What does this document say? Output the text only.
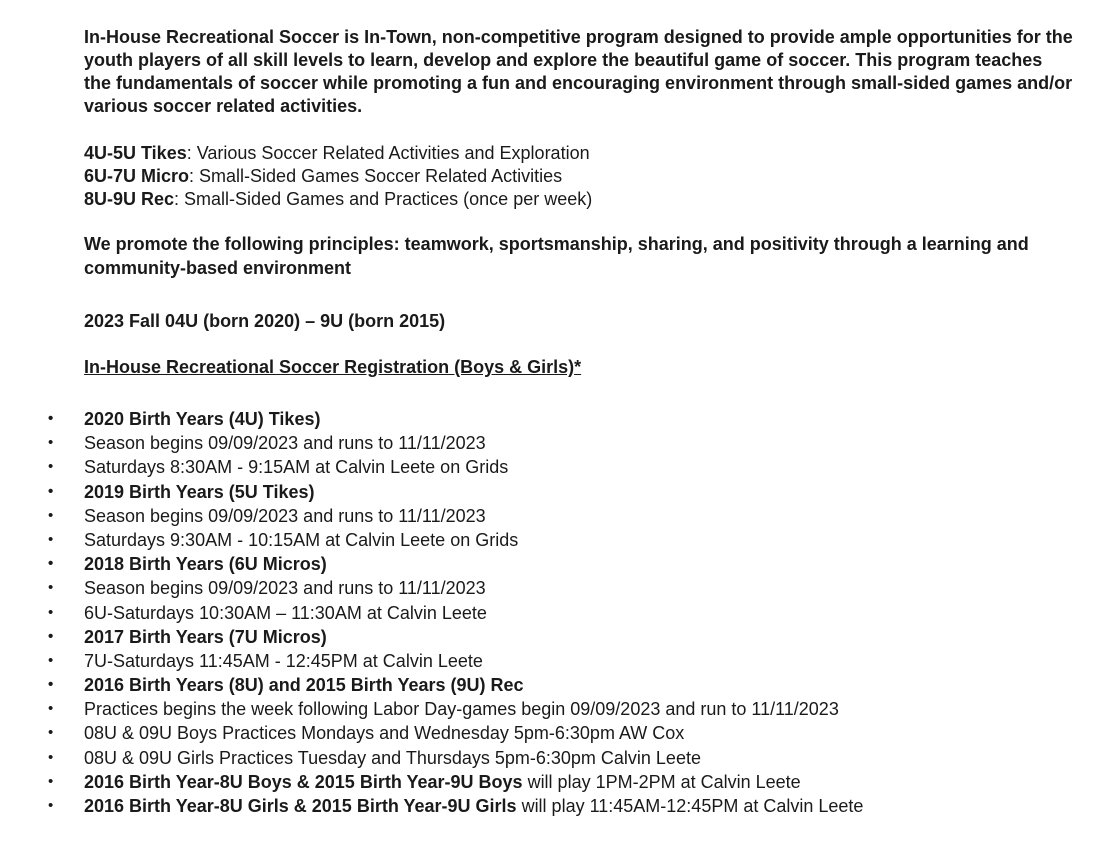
In-House Recreational Soccer is In-Town, non-competitive program designed to provide ample opportunities for the youth players of all skill levels to learn, develop and explore the beautiful game of soccer. This program teaches the fundamentals of soccer while promoting a fun and encouraging environment through small-sided games and/or various soccer related activities.

4U-5U Tikes: Various Soccer Related Activities and Exploration
6U-7U Micro: Small-Sided Games Soccer Related Activities
8U-9U Rec: Small-Sided Games and Practices (once per week)
We promote the following principles: teamwork, sportsmanship, sharing, and positivity through a learning and community-based environment
2023 Fall 04U (born 2020) – 9U (born 2015)
In-House Recreational Soccer Registration (Boys & Girls)*
• 2020 Birth Years (4U) Tikes)
• Season begins 09/09/2023 and runs to 11/11/2023
• Saturdays 8:30AM - 9:15AM at Calvin Leete on Grids
• 2019 Birth Years (5U Tikes)
• Season begins 09/09/2023 and runs to 11/11/2023
• Saturdays 9:30AM - 10:15AM at Calvin Leete on Grids
• 2018 Birth Years (6U Micros)
• Season begins 09/09/2023 and runs to 11/11/2023
• 6U-Saturdays 10:30AM – 11:30AM at Calvin Leete
• 2017 Birth Years (7U Micros)
• 7U-Saturdays 11:45AM - 12:45PM at Calvin Leete
• 2016 Birth Years (8U) and 2015 Birth Years (9U) Rec
• Practices begins the week following Labor Day-games begin 09/09/2023 and run to 11/11/2023
• 08U & 09U Boys Practices Mondays and Wednesday 5pm-6:30pm AW Cox
• 08U & 09U Girls Practices Tuesday and Thursdays 5pm-6:30pm Calvin Leete
• 2016 Birth Year-8U Boys & 2015 Birth Year-9U Boys will play 1PM-2PM at Calvin Leete
• 2016 Birth Year-8U Girls & 2015 Birth Year-9U Girls will play 11:45AM-12:45PM at Calvin Leete
